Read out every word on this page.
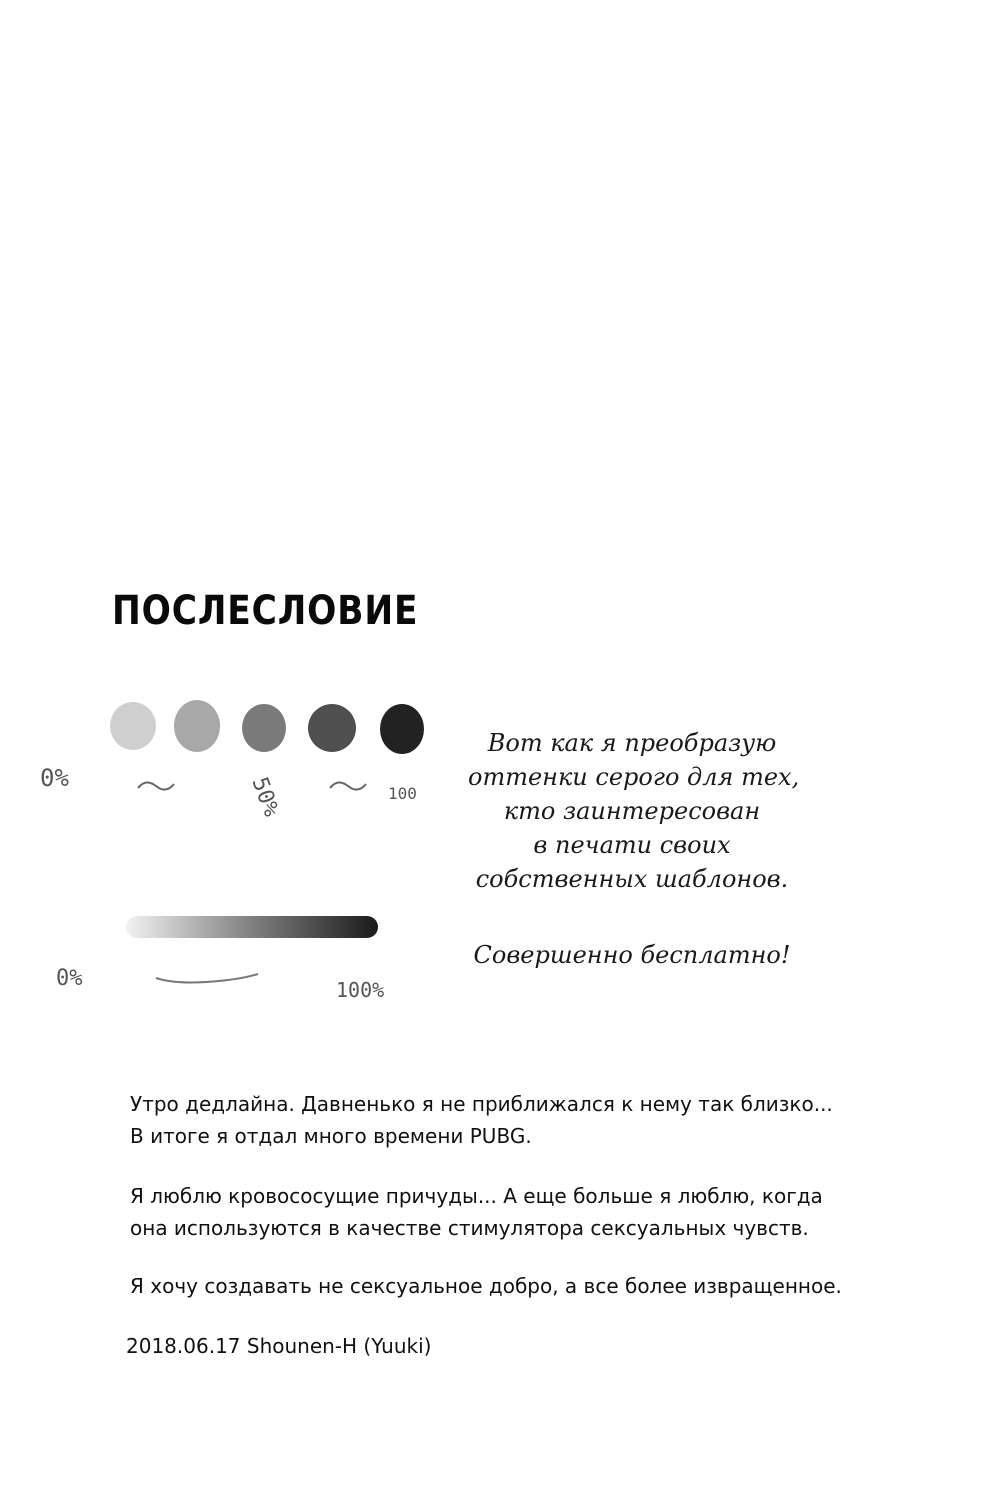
ПОСЛЕСЛОВИЕ
0%	50%	100
0%	100%
Вот как я преобразую
оттенки серого для тех,
кто заинтересован
в печати своих
собственных шаблонов.
Совершенно бесплатно!
Утро дедлайна. Давненько я не приближался к нему так близко...
В итоге я отдал много времени PUBG.
Я люблю кровососущие причуды... А еще больше я люблю, когда
она используются в качестве стимулятора сексуальных чувств.
Я хочу создавать не сексуальное добро, а все более извращенное.
2018.06.17 Shounen-H (Yuuki)
